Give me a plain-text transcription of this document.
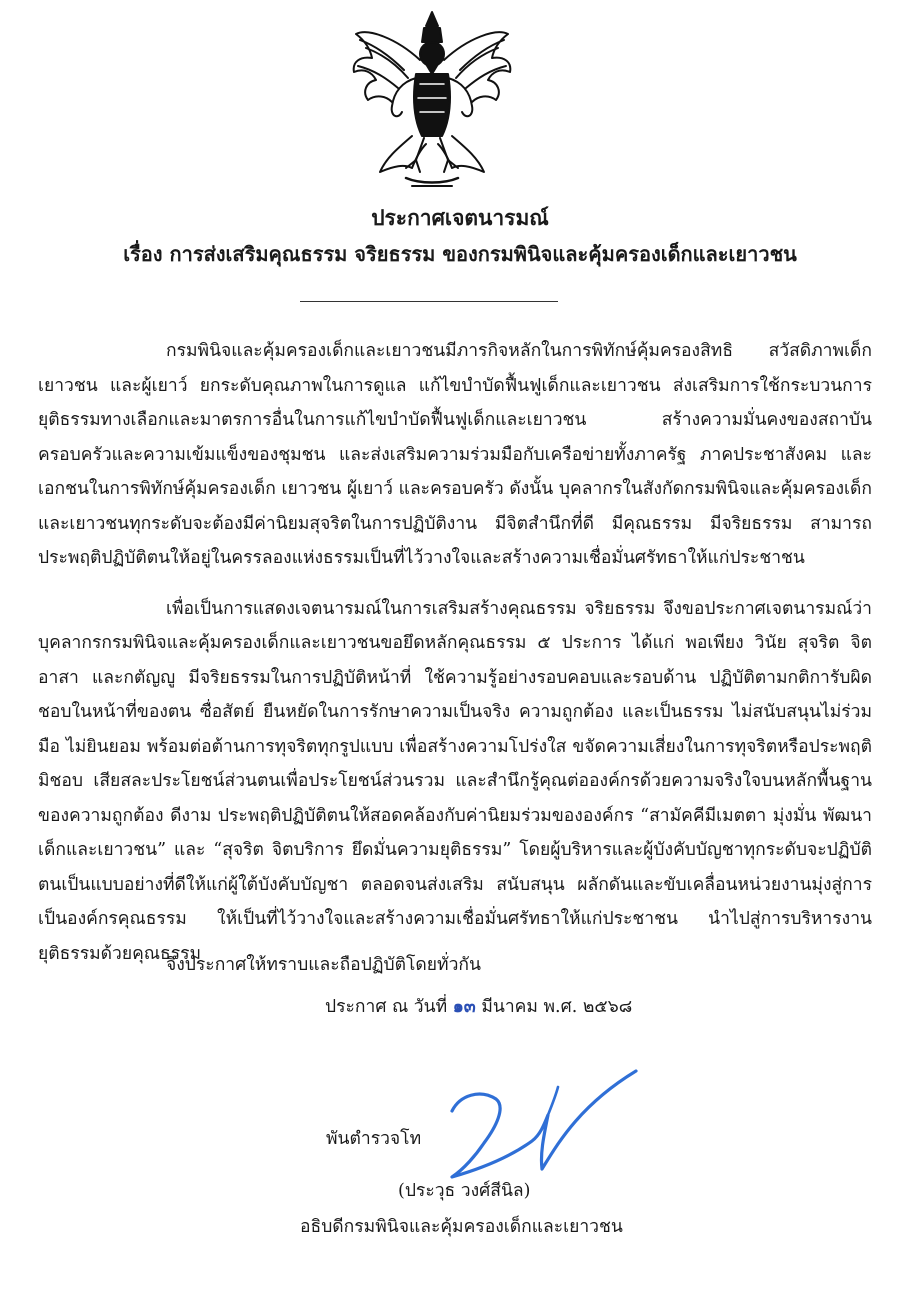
ประกาศเจตนารมณ์
เรื่อง การส่งเสริมคุณธรรม จริยธรรม ของกรมพินิจและคุ้มครองเด็กและเยาวชน

กรมพินิจและคุ้มครองเด็กและเยาวชนมีภารกิจหลักในการพิทักษ์คุ้มครองสิทธิ สวัสดิภาพเด็ก เยาวชน และผู้เยาว์ ยกระดับคุณภาพในการดูแล แก้ไขบำบัดฟื้นฟูเด็กและเยาวชน ส่งเสริมการใช้กระบวนการยุติธรรมทางเลือกและมาตรการอื่นในการแก้ไขบำบัดฟื้นฟูเด็กและเยาวชน สร้างความมั่นคงของสถาบันครอบครัวและความเข้มแข็งของชุมชน และส่งเสริมความร่วมมือกับเครือข่ายทั้งภาครัฐ ภาคประชาสังคม และเอกชนในการพิทักษ์คุ้มครองเด็ก เยาวชน ผู้เยาว์ และครอบครัว ดังนั้น บุคลากรในสังกัดกรมพินิจและคุ้มครองเด็กและเยาวชนทุกระดับจะต้องมีค่านิยมสุจริตในการปฏิบัติงาน มีจิตสำนึกที่ดี มีคุณธรรม มีจริยธรรม สามารถประพฤติปฏิบัติตนให้อยู่ในครรลองแห่งธรรมเป็นที่ไว้วางใจและสร้างความเชื่อมั่นศรัทธาให้แก่ประชาชน

เพื่อเป็นการแสดงเจตนารมณ์ในการเสริมสร้างคุณธรรม จริยธรรม จึงขอประกาศเจตนารมณ์ว่า บุคลากรกรมพินิจและคุ้มครองเด็กและเยาวชนขอยึดหลักคุณธรรม ๕ ประการ ได้แก่ พอเพียง วินัย สุจริต จิตอาสา และกตัญญู มีจริยธรรมในการปฏิบัติหน้าที่ ใช้ความรู้อย่างรอบคอบและรอบด้าน ปฏิบัติตามกติการับผิดชอบในหน้าที่ของตน ซื่อสัตย์ ยืนหยัดในการรักษาความเป็นจริง ความถูกต้อง และเป็นธรรม ไม่สนับสนุนไม่ร่วมมือ ไม่ยินยอม พร้อมต่อต้านการทุจริตทุกรูปแบบ เพื่อสร้างความโปร่งใส ขจัดความเสี่ยงในการทุจริตหรือประพฤติมิชอบ เสียสละประโยชน์ส่วนตนเพื่อประโยชน์ส่วนรวม และสำนึกรู้คุณต่อองค์กรด้วยความจริงใจบนหลักพื้นฐานของความถูกต้อง ดีงาม ประพฤติปฏิบัติตนให้สอดคล้องกับค่านิยมร่วมขององค์กร “สามัคคีมีเมตตา มุ่งมั่น พัฒนาเด็กและเยาวชน” และ “สุจริต จิตบริการ ยึดมั่นความยุติธรรม” โดยผู้บริหารและผู้บังคับบัญชาทุกระดับจะปฏิบัติตนเป็นแบบอย่างที่ดีให้แก่ผู้ใต้บังคับบัญชา ตลอดจนส่งเสริม สนับสนุน ผลักดันและขับเคลื่อนหน่วยงานมุ่งสู่การเป็นองค์กรคุณธรรม ให้เป็นที่ไว้วางใจและสร้างความเชื่อมั่นศรัทธาให้แก่ประชาชน นำไปสู่การบริหารงานยุติธรรมด้วยคุณธรรม

จึงประกาศให้ทราบและถือปฏิบัติโดยทั่วกัน
ประกาศ ณ วันที่ ๑๓ มีนาคม พ.ศ. ๒๕๖๘
พันตำรวจโท
(ประวุธ วงศ์สีนิล)
อธิบดีกรมพินิจและคุ้มครองเด็กและเยาวชน
